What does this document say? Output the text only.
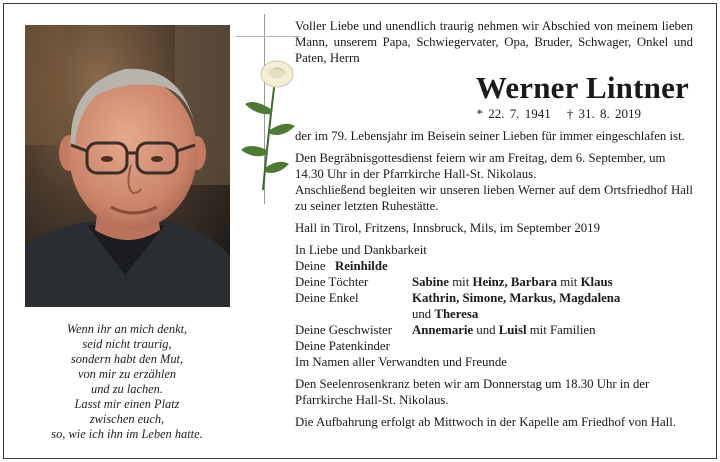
Wenn ihr an mich denkt,
seid nicht traurig,
sondern habt den Mut,
von mir zu erzählen
und zu lachen.
Lasst mir einen Platz
zwischen euch,
so, wie ich ihn im Leben hatte.

Voller Liebe und unendlich traurig nehmen wir Abschied von meinem lieben Mann, unserem Papa, Schwiegervater, Opa, Bruder, Schwager, Onkel und Paten, Herrn

Werner Lintner
* 22. 7. 1941 † 31. 8. 2019

der im 79. Lebensjahr im Beisein seiner Lieben für immer eingeschlafen ist.

Den Begräbnisgottesdienst feiern wir am Freitag, dem 6. September, um 14.30 Uhr in der Pfarrkirche Hall-St. Nikolaus.

Anschließend begleiten wir unseren lieben Werner auf dem Ortsfriedhof Hall zu seiner letzten Ruhestätte.

Hall in Tirol, Fritzens, Innsbruck, Mils, im September 2019

In Liebe und Dankbarkeit

Deine Reinhilde
Deine Töchter	Sabine mit Heinz, Barbara mit Klaus
Deine Enkel	Kathrin, Simone, Markus, Magdalena
und Theresa
Deine Geschwister	Annemarie und Luisl mit Familien
Deine Patenkinder

Im Namen aller Verwandten und Freunde

Den Seelenrosenkranz beten wir am Donnerstag um 18.30 Uhr in der Pfarrkirche Hall-St. Nikolaus.

Die Aufbahrung erfolgt ab Mittwoch in der Kapelle am Friedhof von Hall.
